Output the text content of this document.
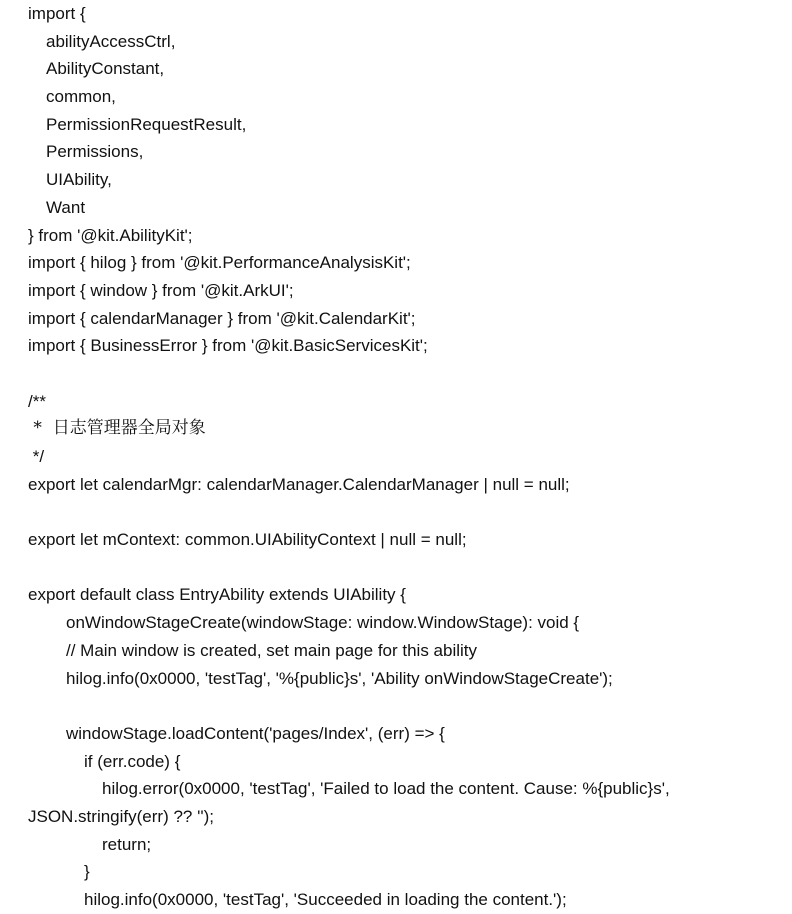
import {
abilityAccessCtrl,
AbilityConstant,
common,
PermissionRequestResult,
Permissions,
UIAbility,
Want
} from '@kit.AbilityKit';
import { hilog } from '@kit.PerformanceAnalysisKit';
import { window } from '@kit.ArkUI';
import { calendarManager } from '@kit.CalendarKit';
import { BusinessError } from '@kit.BasicServicesKit';
/**
*  日志管理器全局对象
*/
export let calendarMgr: calendarManager.CalendarManager | null = null;
export let mContext: common.UIAbilityContext | null = null;
export default class EntryAbility extends UIAbility {
onWindowStageCreate(windowStage: window.WindowStage): void {
// Main window is created, set main page for this ability
hilog.info(0x0000, 'testTag', '%{public}s', 'Ability onWindowStageCreate');
windowStage.loadContent('pages/Index', (err) => {
if (err.code) {
hilog.error(0x0000, 'testTag', 'Failed to load the content. Cause: %{public}s',
JSON.stringify(err) ?? '');
return;
}
hilog.info(0x0000, 'testTag', 'Succeeded in loading the content.');
